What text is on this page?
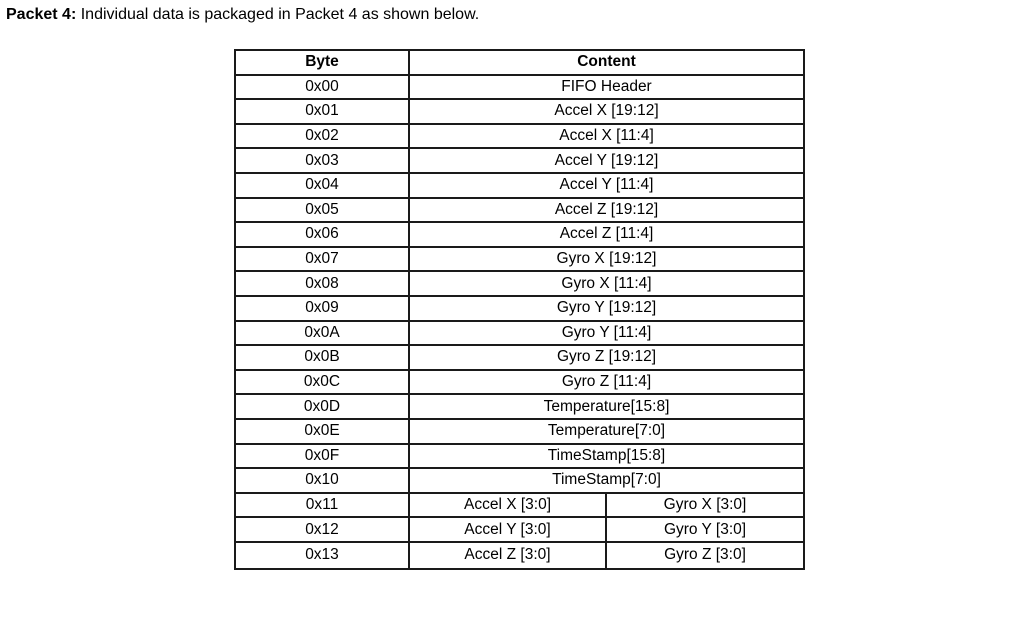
Packet 4: Individual data is packaged in Packet 4 as shown below.
Byte	Content	
0x00	FIFO Header	
0x01	Accel X [19:12]	
0x02	Accel X [11:4]	
0x03	Accel Y [19:12]	
0x04	Accel Y [11:4]	
0x05	Accel Z [19:12]	
0x06	Accel Z [11:4]	
0x07	Gyro X [19:12]	
0x08	Gyro X [11:4]	
0x09	Gyro Y [19:12]	
0x0A	Gyro Y [11:4]	
0x0B	Gyro Z [19:12]	
0x0C	Gyro Z [11:4]	
0x0D	Temperature[15:8]	
0x0E	Temperature[7:0]	
0x0F	TimeStamp[15:8]	
0x10	TimeStamp[7:0]	
0x11	Accel X [3:0]	Gyro X [3:0]
0x12	Accel Y [3:0]	Gyro Y [3:0]
0x13	Accel Z [3:0]	Gyro Z [3:0]
